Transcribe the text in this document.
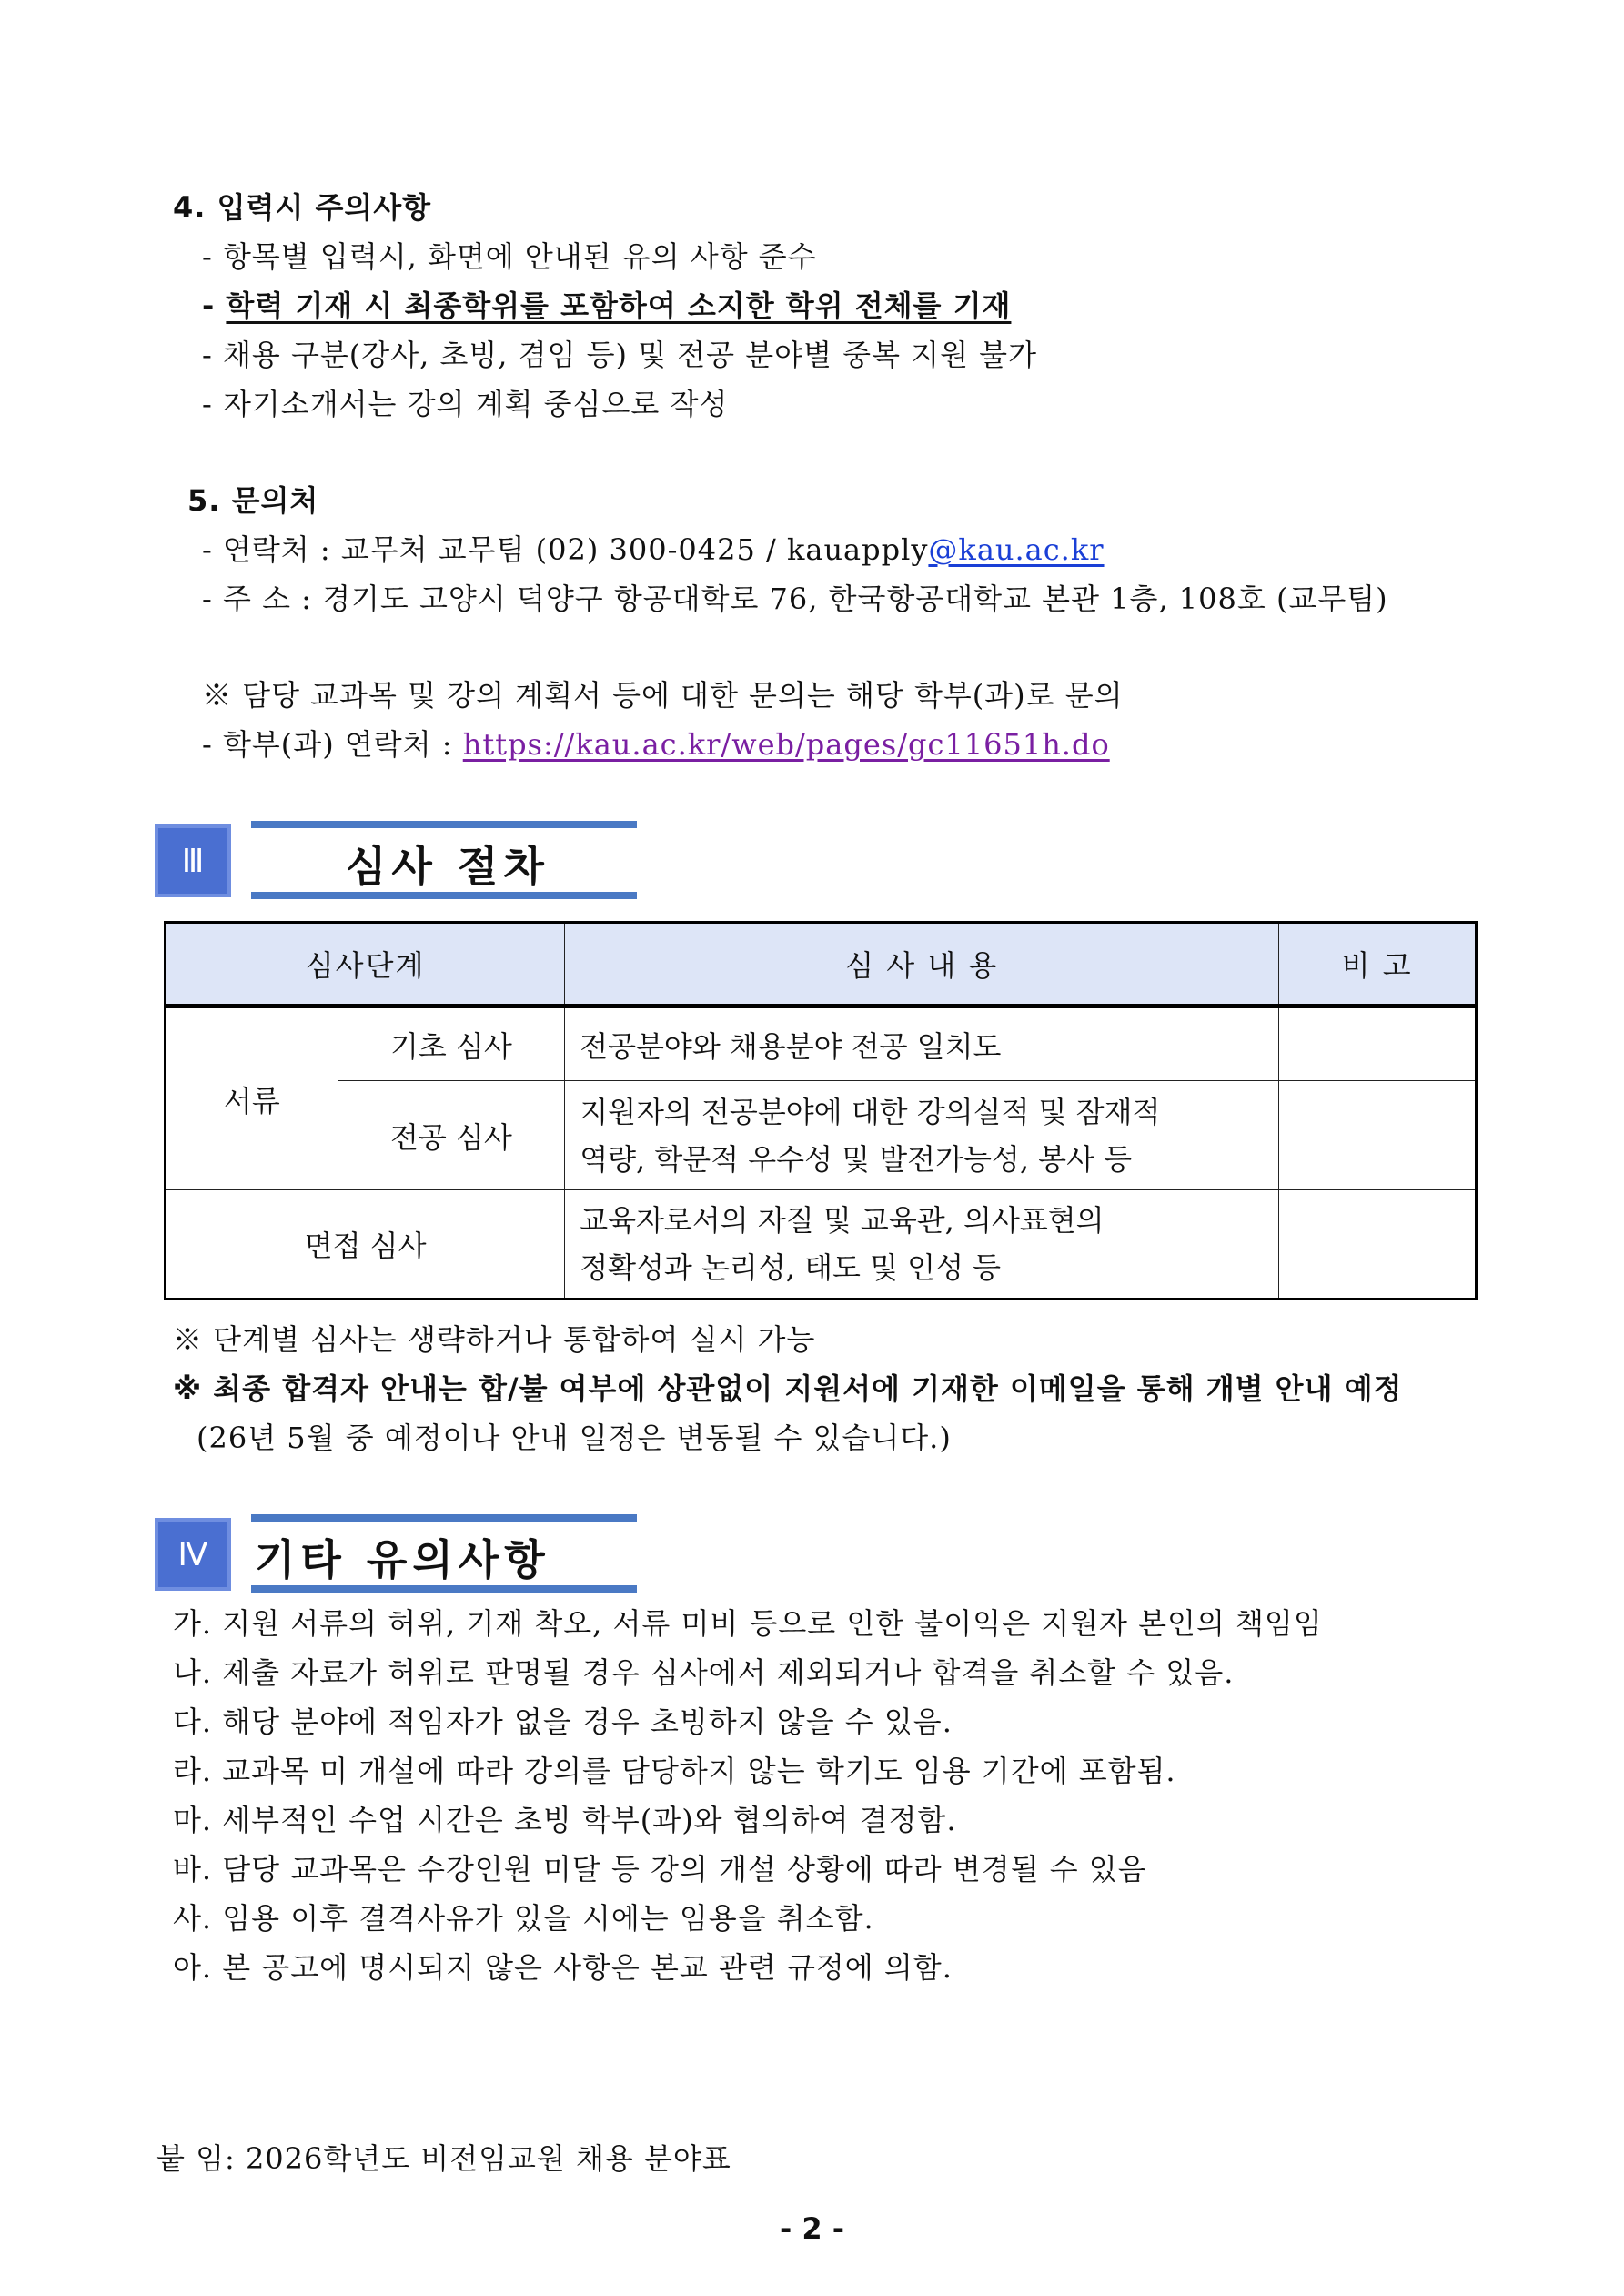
4. 입력시 주의사항
- 항목별 입력시, 화면에 안내된 유의 사항 준수
- 학력 기재 시 최종학위를 포함하여 소지한 학위 전체를 기재
- 채용 구분(강사, 초빙, 겸임 등) 및 전공 분야별 중복 지원 불가
- 자기소개서는 강의 계획 중심으로 작성
5. 문의처
- 연락처 : 교무처 교무팀 (02) 300-0425 / kauapply@kau.ac.kr
- 주 소 : 경기도 고양시 덕양구 항공대학로 76, 한국항공대학교 본관 1층, 108호 (교무팀)
※ 담당 교과목 및 강의 계획서 등에 대한 문의는 해당 학부(과)로 문의
- 학부(과) 연락처 : https://kau.ac.kr/web/pages/gc11651h.do
Ⅲ	심사 절차
심사단계		심 사 내 용	비 고
서류	기초 심사	전공분야와 채용분야 전공 일치도	
	전공 심사	지원자의 전공분야에 대한 강의실적 및 잠재적
역량, 학문적 우수성 및 발전가능성, 봉사 등	

면접 심사		교육자로서의 자질 및 교육관, 의사표현의
정확성과 논리성, 태도 및 인성 등	

※ 단계별 심사는 생략하거나 통합하여 실시 가능
※ 최종 합격자 안내는 합/불 여부에 상관없이 지원서에 기재한 이메일을 통해 개별 안내 예정
(26년 5월 중 예정이나 안내 일정은 변동될 수 있습니다.)
Ⅳ	기타 유의사항
가. 지원 서류의 허위, 기재 착오, 서류 미비 등으로 인한 불이익은 지원자 본인의 책임임
나. 제출 자료가 허위로 판명될 경우 심사에서 제외되거나 합격을 취소할 수 있음.
다. 해당 분야에 적임자가 없을 경우 초빙하지 않을 수 있음.
라. 교과목 미 개설에 따라 강의를 담당하지 않는 학기도 임용 기간에 포함됨.
마. 세부적인 수업 시간은 초빙 학부(과)와 협의하여 결정함.
바. 담당 교과목은 수강인원 미달 등 강의 개설 상황에 따라 변경될 수 있음
사. 임용 이후 결격사유가 있을 시에는 임용을 취소함.
아. 본 공고에 명시되지 않은 사항은 본교 관련 규정에 의함.
붙 임: 2026학년도 비전임교원 채용 분야표
- 2 -
